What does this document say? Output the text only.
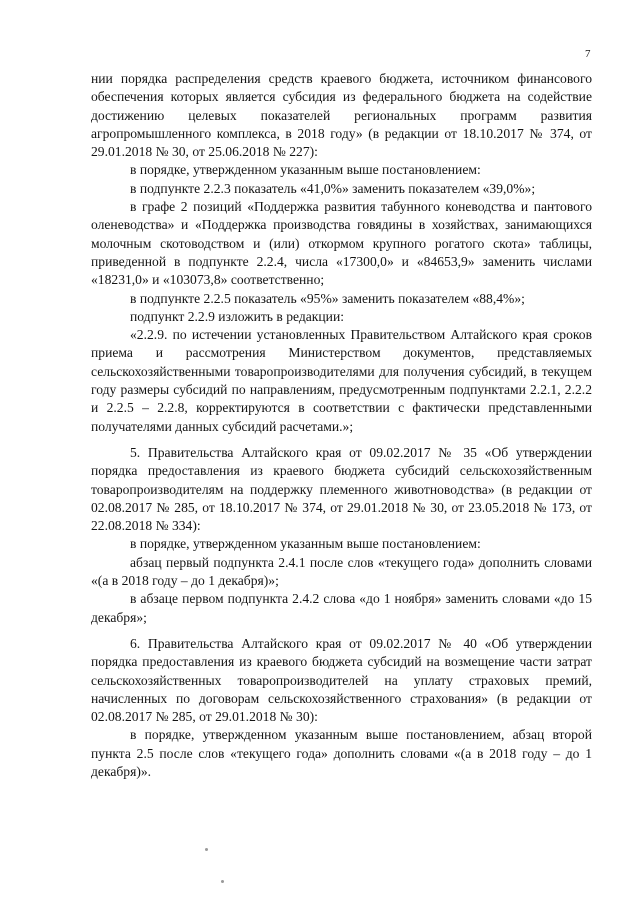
7

нии порядка распределения средств краевого бюджета, источником финансового обеспечения которых является субсидия из федерального бюджета на содействие достижению целевых показателей региональных программ развития агропромышленного комплекса, в 2018 году» (в редакции от 18.10.2017 № 374, от 29.01.2018 № 30, от 25.06.2018 № 227):

в порядке, утвержденном указанным выше постановлением:

в подпункте 2.2.3 показатель «41,0%» заменить показателем «39,0%»;

в графе 2 позиций «Поддержка развития табунного коневодства и пантового оленеводства» и «Поддержка производства говядины в хозяйствах, занимающихся молочным скотоводством и (или) откормом крупного рогатого скота» таблицы, приведенной в подпункте 2.2.4, числа «17300,0» и «84653,9» заменить числами «18231,0» и «103073,8» соответственно;

в подпункте 2.2.5 показатель «95%» заменить показателем «88,4%»;

подпункт 2.2.9 изложить в редакции:

«2.2.9. по истечении установленных Правительством Алтайского края сроков приема и рассмотрения Министерством документов, представляемых сельскохозяйственными товаропроизводителями для получения субсидий, в текущем году размеры субсидий по направлениям, предусмотренным подпунктами 2.2.1, 2.2.2 и 2.2.5 – 2.2.8, корректируются в соответствии с фактически представленными получателями данных субсидий расчетами.»;

5. Правительства Алтайского края от 09.02.2017 № 35 «Об утверждении порядка предоставления из краевого бюджета субсидий сельскохозяйственным товаропроизводителям на поддержку племенного животноводства» (в редакции от 02.08.2017 № 285, от 18.10.2017 № 374, от 29.01.2018 № 30, от 23.05.2018 № 173, от 22.08.2018 № 334):

в порядке, утвержденном указанным выше постановлением:

абзац первый подпункта 2.4.1 после слов «текущего года» дополнить словами «(а в 2018 году – до 1 декабря)»;

в абзаце первом подпункта 2.4.2 слова «до 1 ноября» заменить словами «до 15 декабря»;

6. Правительства Алтайского края от 09.02.2017 № 40 «Об утверждении порядка предоставления из краевого бюджета субсидий на возмещение части затрат сельскохозяйственных товаропроизводителей на уплату страховых премий, начисленных по договорам сельскохозяйственного страхования» (в редакции от 02.08.2017 № 285, от 29.01.2018 № 30):

в порядке, утвержденном указанным выше постановлением, абзац второй пункта 2.5 после слов «текущего года» дополнить словами «(а в 2018 году – до 1 декабря)».
